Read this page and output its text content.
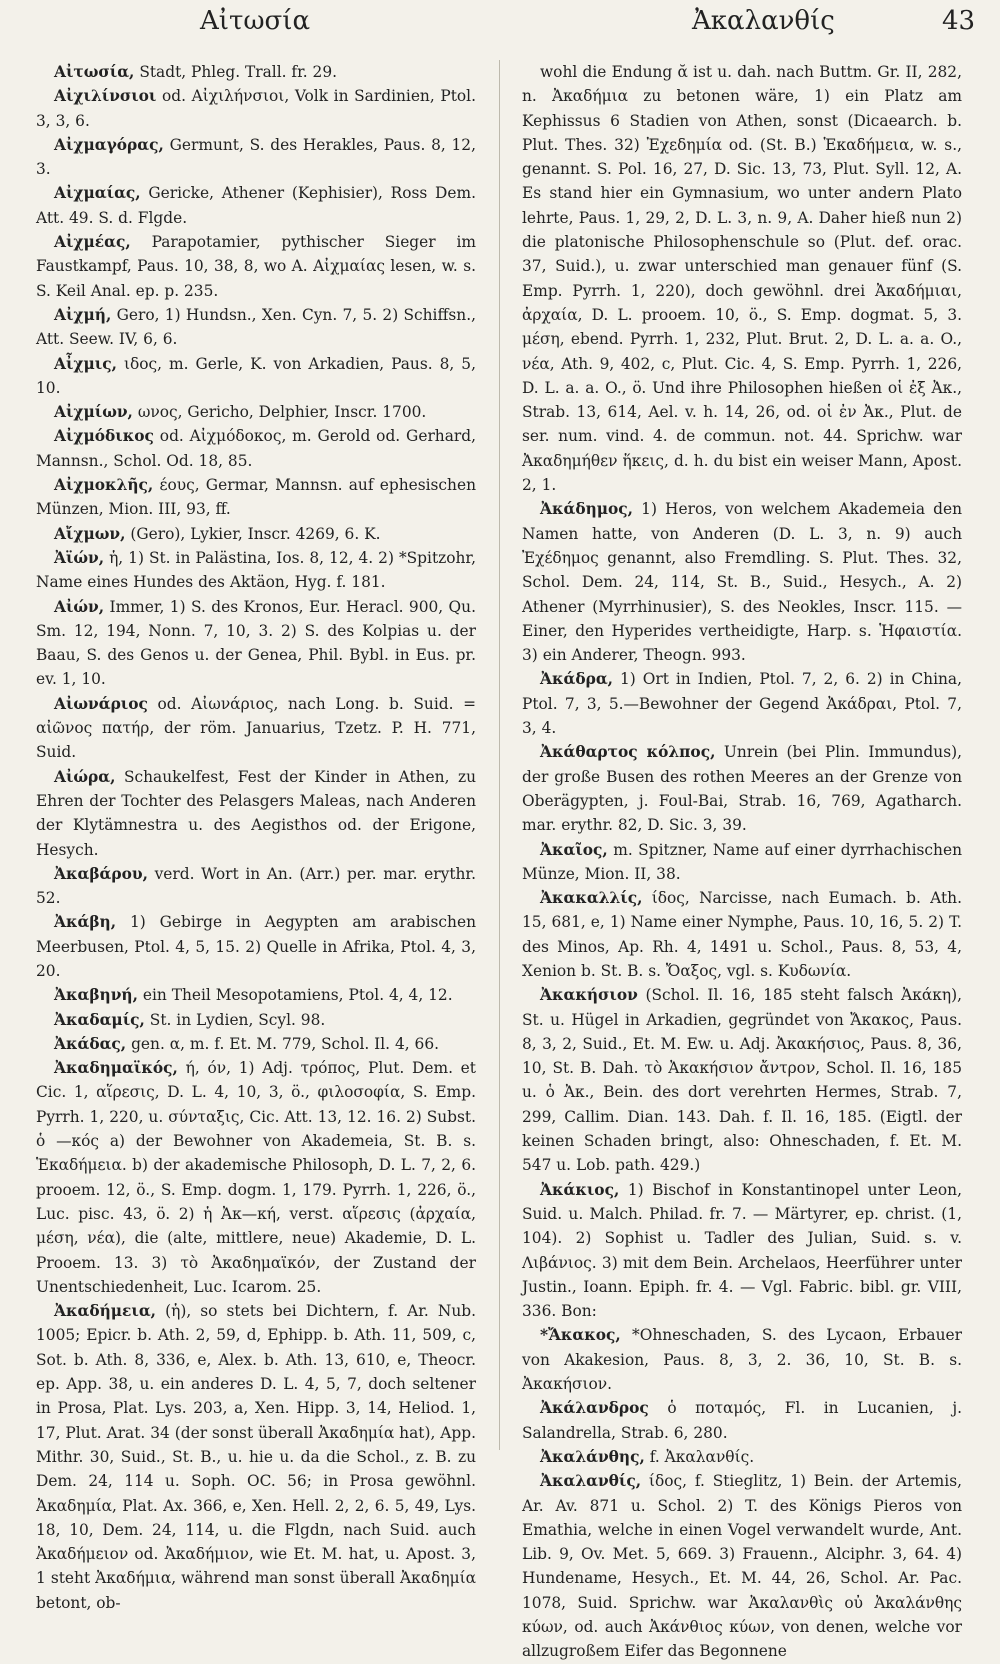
Αἰτωσία	Ἀκαλανθίς	43

Αἰτωσία, Stadt, Phleg. Trall. fr. 29.

Αἰχιλίνσιοι od. Αἰχιλήνσιοι, Volk in Sardinien, Ptol. 3, 3, 6.

Αἰχμαγόρας, Germunt, S. des Herakles, Paus. 8, 12, 3.

Αἰχμαίας, Gericke, Athener (Kephisier), Ross Dem. Att. 49. S. d. Flgde.

Αἰχμέας, Parapotamier, pythischer Sieger im Faustkampf, Paus. 10, 38, 8, wo A. Αἰχμαίας lesen, w. s. S. Keil Anal. ep. p. 235.

Αἰχμή, Gero, 1) Hundsn., Xen. Cyn. 7, 5. 2) Schiffsn., Att. Seew. IV, 6, 6.

Αἶχμις, ιδος, m. Gerle, K. von Arkadien, Paus. 8, 5, 10.

Αἰχμίων, ωνος, Gericho, Delphier, Inscr. 1700.

Αἰχμόδικος od. Αἰχμόδοκος, m. Gerold od. Gerhard, Mannsn., Schol. Od. 18, 85.

Αἰχμοκλῆς, έους, Germar, Mannsn. auf ephesischen Münzen, Mion. III, 93, ff.

Αἴχμων, (Gero), Lykier, Inscr. 4269, 6. K.

Ἀϊών, ἡ, 1) St. in Palästina, Ios. 8, 12, 4. 2) *Spitzohr, Name eines Hundes des Aktäon, Hyg. f. 181.

Αἰών, Immer, 1) S. des Kronos, Eur. Heracl. 900, Qu. Sm. 12, 194, Nonn. 7, 10, 3. 2) S. des Kolpias u. der Baau, S. des Genos u. der Genea, Phil. Bybl. in Eus. pr. ev. 1, 10.

Αἰωνάριος od. Αἰωνάριος, nach Long. b. Suid. = αἰῶνος πατήρ, der röm. Januarius, Tzetz. P. H. 771, Suid.

Αἰώρα, Schaukelfest, Fest der Kinder in Athen, zu Ehren der Tochter des Pelasgers Maleas, nach Anderen der Klytämnestra u. des Aegisthos od. der Erigone, Hesych.

Ἀκαβάρου, verd. Wort in An. (Arr.) per. mar. erythr. 52.

Ἀκάβη, 1) Gebirge in Aegypten am arabischen Meerbusen, Ptol. 4, 5, 15. 2) Quelle in Afrika, Ptol. 4, 3, 20.

Ἀκαβηνή, ein Theil Mesopotamiens, Ptol. 4, 4, 12.

Ἀκαδαμίς, St. in Lydien, Scyl. 98.

Ἀκάδας, gen. α, m. f. Et. M. 779, Schol. Il. 4, 66.

Ἀκαδημαϊκός, ή, όν, 1) Adj. τρόπος, Plut. Dem. et Cic. 1, αἵρεσις, D. L. 4, 10, 3, ö., φιλοσοφία, S. Emp. Pyrrh. 1, 220, u. σύνταξις, Cic. Att. 13, 12. 16. 2) Subst. ὁ —κός a) der Bewohner von Akademeia, St. B. s. Ἑκαδήμεια. b) der akademische Philosoph, D. L. 7, 2, 6. prooem. 12, ö., S. Emp. dogm. 1, 179. Pyrrh. 1, 226, ö., Luc. pisc. 43, ö. 2) ἡ Ἀκ—κή, verst. αἵρεσις (ἀρχαία, μέση, νέα), die (alte, mittlere, neue) Akademie, D. L. Prooem. 13. 3) τὸ Ἀκαδημαϊκόν, der Zustand der Unentschiedenheit, Luc. Icarom. 25.

Ἀκαδήμεια, (ἡ), so stets bei Dichtern, f. Ar. Nub. 1005; Epicr. b. Ath. 2, 59, d, Ephipp. b. Ath. 11, 509, c, Sot. b. Ath. 8, 336, e, Alex. b. Ath. 13, 610, e, Theocr. ep. App. 38, u. ein anderes D. L. 4, 5, 7, doch seltener in Prosa, Plat. Lys. 203, a, Xen. Hipp. 3, 14, Heliod. 1, 17, Plut. Arat. 34 (der sonst überall Ἀκαδημία hat), App. Mithr. 30, Suid., St. B., u. hie u. da die Schol., z. B. zu Dem. 24, 114 u. Soph. OC. 56; in Prosa gewöhnl. Ἀκαδημία, Plat. Ax. 366, e, Xen. Hell. 2, 2, 6. 5, 49, Lys. 18, 10, Dem. 24, 114, u. die Flgdn, nach Suid. auch Ἀκαδήμειον od. Ἀκαδήμιον, wie Et. M. hat, u. Apost. 3, 1 steht Ἀκαδήμια, während man sonst überall Ἀκαδημία betont, ob-

wohl die Endung ᾰ ist u. dah. nach Buttm. Gr. II, 282, n. Ἀκαδήμια zu betonen wäre, 1) ein Platz am Kephissus 6 Stadien von Athen, sonst (Dicaearch. b. Plut. Thes. 32) Ἐχεδημία od. (St. B.) Ἑκαδήμεια, w. s., genannt. S. Pol. 16, 27, D. Sic. 13, 73, Plut. Syll. 12, A. Es stand hier ein Gymnasium, wo unter andern Plato lehrte, Paus. 1, 29, 2, D. L. 3, n. 9, A. Daher hieß nun 2) die platonische Philosophenschule so (Plut. def. orac. 37, Suid.), u. zwar unterschied man genauer fünf (S. Emp. Pyrrh. 1, 220), doch gewöhnl. drei Ἀκαδήμιαι, ἀρχαία, D. L. prooem. 10, ö., S. Emp. dogmat. 5, 3. μέση, ebend. Pyrrh. 1, 232, Plut. Brut. 2, D. L. a. a. O., νέα, Ath. 9, 402, c, Plut. Cic. 4, S. Emp. Pyrrh. 1, 226, D. L. a. a. O., ö. Und ihre Philosophen hießen οἱ ἐξ Ἀκ., Strab. 13, 614, Ael. v. h. 14, 26, od. οἱ ἐν Ἀκ., Plut. de ser. num. vind. 4. de commun. not. 44. Sprichw. war Ἀκαδημήθεν ἥκεις, d. h. du bist ein weiser Mann, Apost. 2, 1.

Ἀκάδημος, 1) Heros, von welchem Akademeia den Namen hatte, von Anderen (D. L. 3, n. 9) auch Ἐχέδημος genannt, also Fremdling. S. Plut. Thes. 32, Schol. Dem. 24, 114, St. B., Suid., Hesych., A. 2) Athener (Myrrhinusier), S. des Neokles, Inscr. 115. — Einer, den Hyperides vertheidigte, Harp. s. Ἡφαιστία. 3) ein Anderer, Theogn. 993.

Ἀκάδρα, 1) Ort in Indien, Ptol. 7, 2, 6. 2) in China, Ptol. 7, 3, 5.—Bewohner der Gegend Ἀκάδραι, Ptol. 7, 3, 4.

Ἀκάθαρτος κόλπος, Unrein (bei Plin. Immundus), der große Busen des rothen Meeres an der Grenze von Oberägypten, j. Foul-Bai, Strab. 16, 769, Agatharch. mar. erythr. 82, D. Sic. 3, 39.

Ἀκαῖος, m. Spitzner, Name auf einer dyrrhachischen Münze, Mion. II, 38.

Ἀκακαλλίς, ίδος, Narcisse, nach Eumach. b. Ath. 15, 681, e, 1) Name einer Nymphe, Paus. 10, 16, 5. 2) T. des Minos, Ap. Rh. 4, 1491 u. Schol., Paus. 8, 53, 4, Xenion b. St. B. s. Ὄαξος, vgl. s. Κυδωνία.

Ἀκακήσιον (Schol. Il. 16, 185 steht falsch Ἀκάκη), St. u. Hügel in Arkadien, gegründet von Ἄκακος, Paus. 8, 3, 2, Suid., Et. M. Ew. u. Adj. Ἀκακήσιος, Paus. 8, 36, 10, St. B. Dah. τὸ Ἀκακήσιον ἄντρον, Schol. Il. 16, 185 u. ὁ Ἀκ., Bein. des dort verehrten Hermes, Strab. 7, 299, Callim. Dian. 143. Dah. f. Il. 16, 185. (Eigtl. der keinen Schaden bringt, also: Ohneschaden, f. Et. M. 547 u. Lob. path. 429.)

Ἀκάκιος, 1) Bischof in Konstantinopel unter Leon, Suid. u. Malch. Philad. fr. 7. — Märtyrer, ep. christ. (1, 104). 2) Sophist u. Tadler des Julian, Suid. s. v. Λιβάνιος. 3) mit dem Bein. Archelaos, Heerführer unter Justin., Ioann. Epiph. fr. 4. — Vgl. Fabric. bibl. gr. VIII, 336. Bon:

*Ἄκακος, *Ohneschaden, S. des Lycaon, Erbauer von Akakesion, Paus. 8, 3, 2. 36, 10, St. B. s. Ἀκακήσιον.

Ἀκάλανδρος ὁ ποταμός, Fl. in Lucanien, j. Salandrella, Strab. 6, 280.

Ἀκαλάνθης, f. Ἀκαλανθίς.

Ἀκαλανθίς, ίδος, f. Stieglitz, 1) Bein. der Artemis, Ar. Av. 871 u. Schol. 2) T. des Königs Pieros von Emathia, welche in einen Vogel verwandelt wurde, Ant. Lib. 9, Ov. Met. 5, 669. 3) Frauenn., Alciphr. 3, 64. 4) Hundename, Hesych., Et. M. 44, 26, Schol. Ar. Pac. 1078, Suid. Sprichw. war Ἀκαλανθὶς οὐ Ἀκαλάνθης κύων, od. auch Ἀκάνθιος κύων, von denen, welche vor allzugroßem Eifer das Begonnene
